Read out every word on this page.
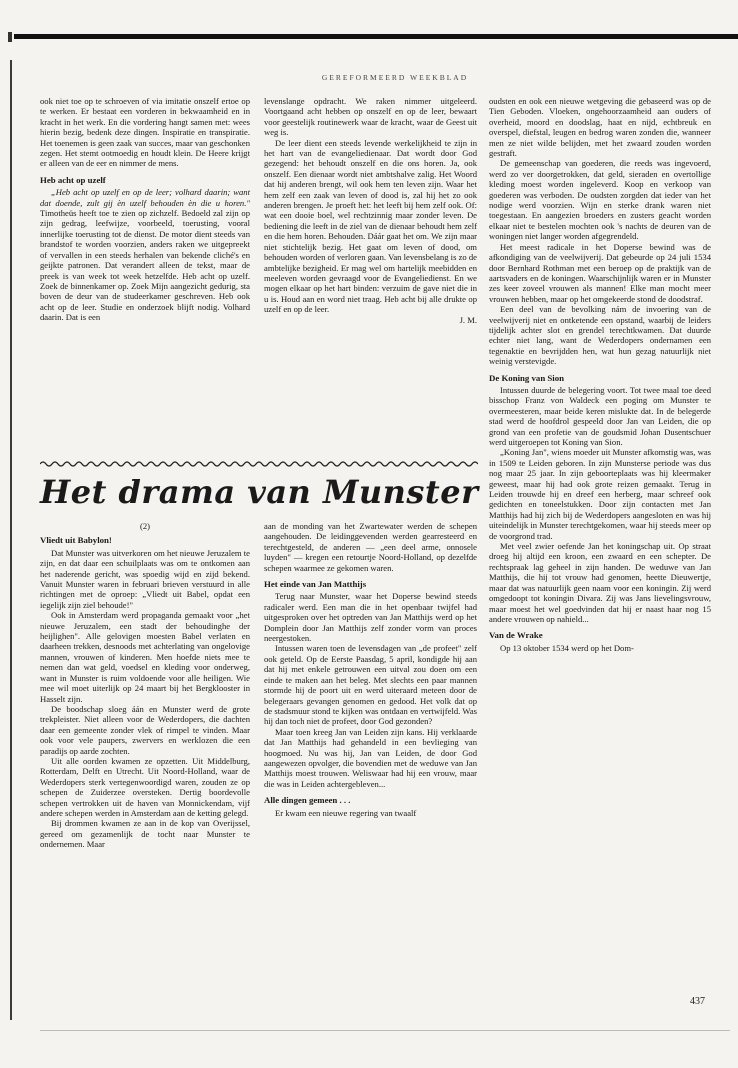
GEREFORMEERD WEEKBLAD

ook niet toe op te schroeven of via imitatie onszelf ertoe op te werken. Er bestaat een vorderen in bekwaamheid en in kracht in het werk. En die vordering hangt samen met: wees hierin bezig, bedenk deze dingen. Inspiratie en transpiratie. Het toenemen is geen zaak van succes, maar van geschonken zegen. Het stemt ootmoedig en houdt klein. De Heere krijgt er alleen van de eer en nimmer de mens.

Heb acht op uzelf

„Heb acht op uzelf en op de leer; volhard daarin; want dat doende, zult gij èn uzelf behouden èn die u horen." Timotheüs heeft toe te zien op zichzelf. Bedoeld zal zijn op zijn gedrag, leefwijze, voorbeeld, toerusting, vooral innerlijke toerusting tot de dienst. De motor dient steeds van brandstof te worden voorzien, anders raken we uitgepreekt of vervallen in een steeds herhalen van bekende cliché's en geijkte patronen. Dat verandert alleen de tekst, maar de preek is van week tot week hetzelfde. Heb acht op uzelf. Zoek de binnenkamer op. Zoek Mijn aangezicht gedurig, sta boven de deur van de studeerkamer geschreven. Heb ook acht op de leer. Studie en onderzoek blijft nodig. Volhard daarin. Dat is een

levenslange opdracht. We raken nimmer uitgeleerd. Voortgaand acht hebben op onszelf en op de leer, bewaart voor geestelijk routinewerk waar de kracht, waar de Geest uit weg is.

De leer dient een steeds levende werkelijkheid te zijn in het hart van de evangeliedienaar. Dat wordt door God gezegend: het behoudt onszelf en die ons horen. Ja, ook onszelf. Een dienaar wordt niet ambtshalve zalig. Het Woord dat hij anderen brengt, wil ook hem ten leven zijn. Waar het hem zelf een zaak van leven of dood is, zal hij het zo ook anderen brengen. Je proeft het: het leeft bij hem zelf ook. Of: wat een dooie boel, wel rechtzinnig maar zonder leven. De bediening die leeft in de ziel van de dienaar behoudt hem zelf en die hem horen. Behouden. Dáár gaat het om. We zijn maar niet stichtelijk bezig. Het gaat om leven of dood, om behouden worden of verloren gaan. Van levensbelang is zo de ambtelijke bezigheid. Er mag wel om hartelijk meebidden en meeleven worden gevraagd voor de Evangeliedienst. En we mogen elkaar op het hart binden: verzuim de gave niet die in u is. Houd aan en word niet traag. Heb acht bij alle drukte op uzelf en op de leer.

J. M.

oudsten en ook een nieuwe wetgeving die gebaseerd was op de Tien Geboden. Vloeken, ongehoorzaamheid aan ouders of overheid, moord en doodslag, haat en nijd, echtbreuk en overspel, diefstal, leugen en bedrog waren zonden die, wanneer men ze niet wilde belijden, met het zwaard zouden worden gestraft.

De gemeenschap van goederen, die reeds was ingevoerd, werd zo ver doorgetrokken, dat geld, sieraden en overtollige kleding moest worden ingeleverd. Koop en verkoop van goederen was verboden. De oudsten zorgden dat ieder van het nodige werd voorzien. Wijn en sterke drank waren niet toegestaan. En aangezien broeders en zusters geacht worden elkaar niet te bestelen mochten ook 's nachts de deuren van de woningen niet langer worden afgegrendeld.

Het meest radicale in het Doperse bewind was de afkondiging van de veelwijverij. Dat gebeurde op 24 juli 1534 door Bernhard Rothman met een beroep op de praktijk van de aartsvaders en de koningen. Waarschijnlijk waren er in Munster zes keer zoveel vrouwen als mannen! Elke man mocht meer vrouwen hebben, maar op het omgekeerde stond de doodstraf.

Een deel van de bevolking nám de invoering van de veelwijverij niet en ontketende een opstand, waarbij de leiders tijdelijk achter slot en grendel terechtkwamen. Dat duurde echter niet lang, want de Wederdopers ondernamen een tegenaktie en bevrijdden hen, wat hun gezag natuurlijk niet weinig verstevigde.

De Koning van Sion

Intussen duurde de belegering voort. Tot twee maal toe deed bisschop Franz von Waldeck een poging om Munster te overmeesteren, maar beide keren mislukte dat. In de belegerde stad werd de hoofdrol gespeeld door Jan van Leiden, die op grond van een profetie van de goudsmid Johan Dusentschuer werd uitgeroepen tot Koning van Sion.

„Koning Jan", wiens moeder uit Munster afkomstig was, was in 1509 te Leiden geboren. In zijn Munsterse periode was dus nog maar 25 jaar. In zijn geboorteplaats was hij kleermaker geweest, maar hij had ook grote reizen gemaakt. Terug in Leiden trouwde hij en dreef een herberg, maar schreef ook gedichten en toneelstukken. Door zijn contacten met Jan Matthijs had hij zich bij de Wederdopers aangesloten en was hij uiteindelijk in Munster terechtgekomen, waar hij steeds meer op de voorgrond trad.

Met veel zwier oefende Jan het koningschap uit. Op straat droeg hij altijd een kroon, een zwaard en een schepter. De rechtspraak lag geheel in zijn handen. De weduwe van Jan Matthijs, die hij tot vrouw had genomen, heette Dieuwertje, maar dat was natuurlijk geen naam voor een koningin. Zij werd omgedoopt tot koningin Divara. Zij was Jans lievelingsvrouw, maar moest het wel goedvinden dat hij er naast haar nog 15 andere vrouwen op nahield...

Van de Wrake

Op 13 oktober 1534 werd op het Dom-

Het drama van Munster

(2)

Vliedt uit Babylon!

Dat Munster was uitverkoren om het nieuwe Jeruzalem te zijn, en dat daar een schuilplaats was om te ontkomen aan het naderende gericht, was spoedig wijd en zijd bekend. Vanuit Munster waren in februari brieven verstuurd in alle richtingen met de oproep: „Vliedt uit Babel, opdat een iegelijk zijn ziel behoude!"

Ook in Amsterdam werd propaganda gemaakt voor „het nieuwe Jeruzalem, een stadt der behoudinghe der heijlighen". Alle gelovigen moesten Babel verlaten en daarheen trekken, desnoods met achterlating van ongelovige mannen, vrouwen of kinderen. Men hoefde niets mee te nemen dan wat geld, voedsel en kleding voor onderweg, want in Munster is ruim voldoende voor alle heiligen. Wie mee wil moet uiterlijk op 24 maart bij het Bergklooster in Hasselt zijn.

De boodschap sloeg áán en Munster werd de grote trekpleister. Niet alleen voor de Wederdopers, die dachten daar een gemeente zonder vlek of rimpel te vinden. Maar ook voor vele paupers, zwervers en werklozen die een paradijs op aarde zochten.

Uit alle oorden kwamen ze opzetten. Uit Middelburg, Rotterdam, Delft en Utrecht. Uit Noord-Holland, waar de Wederdopers sterk vertegenwoordigd waren, zouden ze op schepen de Zuiderzee oversteken. Dertig boordevolle schepen vertrokken uit de haven van Monnickendam, vijf andere schepen werden in Amsterdam aan de ketting gelegd.

Bij drommen kwamen ze aan in de kop van Overijssel, gereed om gezamenlijk de tocht naar Munster te ondernemen. Maar

aan de monding van het Zwartewater werden de schepen aangehouden. De leidinggevenden werden gearresteerd en terechtgesteld, de anderen — „een deel arme, onnosele luyden" — kregen een retourtje Noord-Holland, op dezelfde schepen waarmee ze gekomen waren.

Het einde van Jan Matthijs

Terug naar Munster, waar het Doperse bewind steeds radicaler werd. Een man die in het openbaar twijfel had uitgesproken over het optreden van Jan Matthijs werd op het Domplein door Jan Matthijs zelf zonder vorm van proces neergestoken.

Intussen waren toen de levensdagen van „de profeet" zelf ook geteld. Op de Eerste Paasdag, 5 april, kondigde hij aan dat hij met enkele getrouwen een uitval zou doen om een einde te maken aan het beleg. Met slechts een paar mannen stormde hij de poort uit en werd uiteraard meteen door de belegeraars gevangen genomen en gedood. Het volk dat op de stadsmuur stond te kijken was ontdaan en vertwijfeld. Was hij dan toch niet de profeet, door God gezonden?

Maar toen kreeg Jan van Leiden zijn kans. Hij verklaarde dat Jan Matthijs had gehandeld in een bevlieging van hoogmoed. Nu was hij, Jan van Leiden, de door God aangewezen opvolger, die bovendien met de weduwe van Jan Matthijs moest trouwen. Weliswaar had hij een vrouw, maar die was in Leiden achtergebleven...

Alle dingen gemeen . . .

Er kwam een nieuwe regering van twaalf

437
